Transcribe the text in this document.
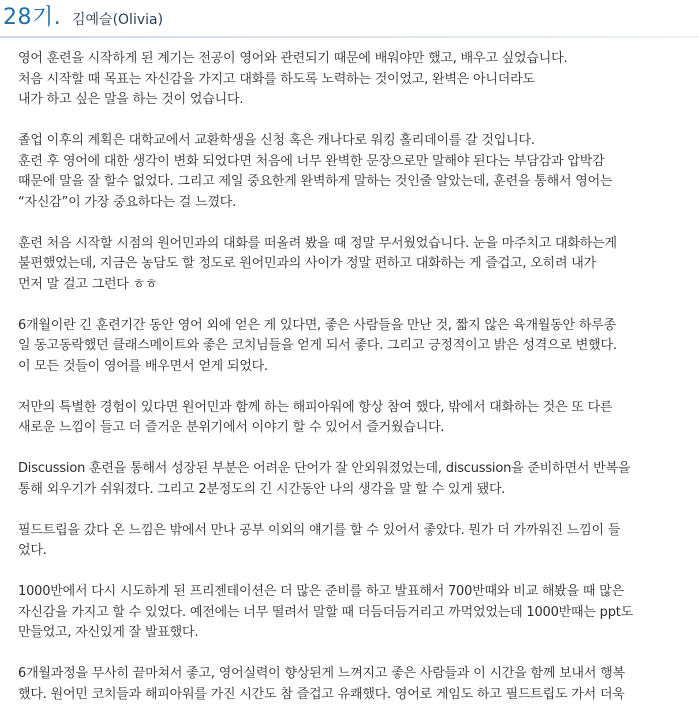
28기. 김예슬(Olivia)

영어 훈련을 시작하게 된 계기는 전공이 영어와 관련되기 때문에 배워야만 했고, 배우고 싶었습니다.
처음 시작할 때 목표는 자신감을 가지고 대화를 하도록 노력하는 것이었고, 완벽은 아니더라도
내가 하고 싶은 말을 하는 것이 었습니다.

졸업 이후의 계획은 대학교에서 교환학생을 신청 혹은 캐나다로 워킹 홀리데이를 갈 것입니다.
훈련 후 영어에 대한 생각이 변화 되었다면 처음에 너무 완벽한 문장으로만 말해야 된다는 부담감과 압박감
때문에 말을 잘 할수 없었다. 그리고 제일 중요한게 완벽하게 말하는 것인줄 알았는데, 훈련을 통해서 영어는
“자신감”이 가장 중요하다는 걸 느꼈다.

훈련 처음 시작할 시점의 원어민과의 대화를 떠올려 봤을 때 정말 무서웠었습니다. 눈을 마주치고 대화하는게
불편했었는데, 지금은 농담도 할 정도로 원어민과의 사이가 정말 편하고 대화하는 게 즐겁고, 오히려 내가
먼저 말 걸고 그런다 ㅎㅎ

6개월이란 긴 훈련기간 동안 영어 외에 얻은 게 있다면, 좋은 사람들을 만난 것, 짧지 않은 육개월동안 하루종
일 동고동락했던 클래스메이트와 좋은 코치님들을 얻게 되서 좋다. 그리고 긍정적이고 밝은 성격으로 변했다.
이 모든 것들이 영어를 배우면서 얻게 되었다.

저만의 특별한 경험이 있다면 원어민과 함께 하는 해피아워에 항상 참여 했다, 밖에서 대화하는 것은 또 다른
새로운 느낌이 들고 더 즐거운 분위기에서 이야기 할 수 있어서 즐거웠습니다.

Discussion 훈련을 통해서 성장된 부분은 어려운 단어가 잘 안외워졌었는데, discussion을 준비하면서 반복을
통해 외우기가 쉬워졌다. 그리고 2분정도의 긴 시간동안 나의 생각을 말 할 수 있게 됐다.

필드트립을 갔다 온 느낌은 밖에서 만나 공부 이외의 얘기를 할 수 있어서 좋았다. 뭔가 더 가까워진 느낌이 들
었다.

1000반에서 다시 시도하게 된 프리젠테이션은 더 많은 준비를 하고 발표해서 700반때와 비교 해봤을 때 많은
자신감을 가지고 할 수 있었다. 예전에는 너무 떨려서 말할 때 더듬더듬거리고 까먹었었는데 1000반때는 ppt도
만들었고, 자신있게 잘 발표했다.

6개월과정을 무사히 끝마쳐서 좋고, 영어실력이 향상된게 느껴지고 좋은 사람들과 이 시간을 함께 보내서 행복
했다. 원어민 코치들과 해피아워를 가진 시간도 참 즐겁고 유쾌했다. 영어로 게임도 하고 필드트립도 가서 더욱
